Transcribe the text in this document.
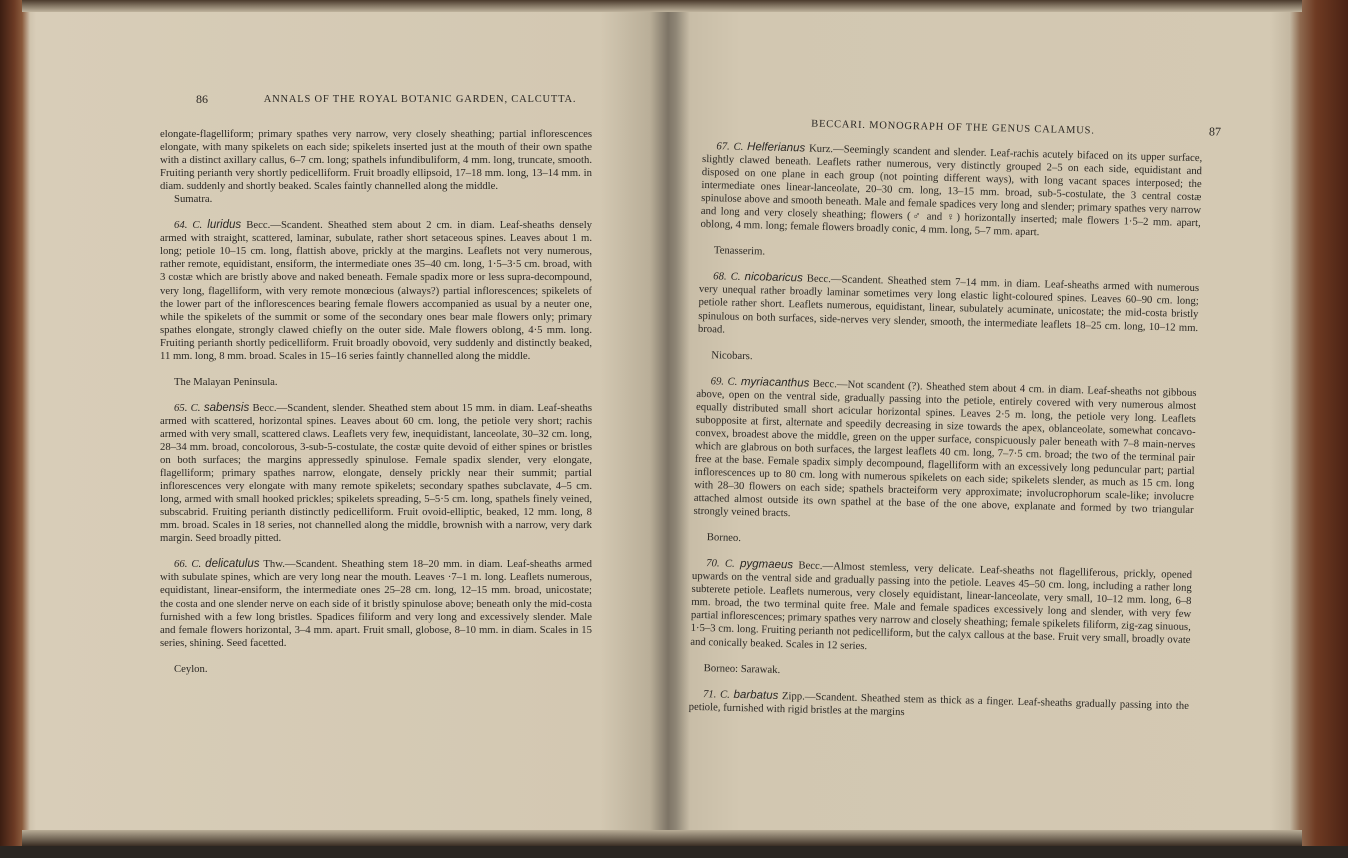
86	ANNALS OF THE ROYAL BOTANIC GARDEN, CALCUTTA.

elongate-flagelliform; primary spathes very narrow, very closely sheathing; partial inflorescences elongate, with many spikelets on each side; spikelets inserted just at the mouth of their own spathe with a distinct axillary callus, 6–7 cm. long; spathels infundibuliform, 4 mm. long, truncate, smooth. Fruiting perianth very shortly pedicelliform. Fruit broadly ellipsoid, 17–18 mm. long, 13–14 mm. in diam. suddenly and shortly beaked. Scales faintly channelled along the middle.

Sumatra.

64. C. luridus Becc.—Scandent. Sheathed stem about 2 cm. in diam. Leaf-sheaths densely armed with straight, scattered, laminar, subulate, rather short setaceous spines. Leaves about 1 m. long; petiole 10–15 cm. long, flattish above, prickly at the margins. Leaflets not very numerous, rather remote, equidistant, ensiform, the intermediate ones 35–40 cm. long, 1·5–3·5 cm. broad, with 3 costæ which are bristly above and naked beneath. Female spadix more or less supra-decompound, very long, flagelliform, with very remote monœcious (always?) partial inflorescences; spikelets of the lower part of the inflorescences bearing female flowers accompanied as usual by a neuter one, while the spikelets of the summit or some of the secondary ones bear male flowers only; primary spathes elongate, strongly clawed chiefly on the outer side. Male flowers oblong, 4·5 mm. long. Fruiting perianth shortly pedicelliform. Fruit broadly obovoid, very suddenly and distinctly beaked, 11 mm. long, 8 mm. broad. Scales in 15–16 series faintly channelled along the middle.

The Malayan Peninsula.

65. C. sabensis Becc.—Scandent, slender. Sheathed stem about 15 mm. in diam. Leaf-sheaths armed with scattered, horizontal spines. Leaves about 60 cm. long, the petiole very short; rachis armed with very small, scattered claws. Leaflets very few, inequidistant, lanceolate, 30–32 cm. long, 28–34 mm. broad, concolorous, 3-sub-5-costulate, the costæ quite devoid of either spines or bristles on both surfaces; the margins appressedly spinulose. Female spadix slender, very elongate, flagelliform; primary spathes narrow, elongate, densely prickly near their summit; partial inflorescences very elongate with many remote spikelets; secondary spathes subclavate, 4–5 cm. long, armed with small hooked prickles; spikelets spreading, 5–5·5 cm. long, spathels finely veined, subscabrid. Fruiting perianth distinctly pedicelliform. Fruit ovoid-elliptic, beaked, 12 mm. long, 8 mm. broad. Scales in 18 series, not channelled along the middle, brownish with a narrow, very dark margin. Seed broadly pitted.

66. C. delicatulus Thw.—Scandent. Sheathing stem 18–20 mm. in diam. Leaf-sheaths armed with subulate spines, which are very long near the mouth. Leaves ·7–1 m. long. Leaflets numerous, equidistant, linear-ensiform, the intermediate ones 25–28 cm. long, 12–15 mm. broad, unicostate; the costa and one slender nerve on each side of it bristly spinulose above; beneath only the mid-costa furnished with a few long bristles. Spadices filiform and very long and excessively slender. Male and female flowers horizontal, 3–4 mm. apart. Fruit small, globose, 8–10 mm. in diam. Scales in 15 series, shining. Seed facetted.

Ceylon.

BECCARI. MONOGRAPH OF THE GENUS CALAMUS.	87

67. C. Helferianus Kurz.—Seemingly scandent and slender. Leaf-rachis acutely bifaced on its upper surface, slightly clawed beneath. Leaflets rather numerous, very distinctly grouped 2–5 on each side, equidistant and disposed on one plane in each group (not pointing different ways), with long vacant spaces interposed; the intermediate ones linear-lanceolate, 20–30 cm. long, 13–15 mm. broad, sub-5-costulate, the 3 central costæ spinulose above and smooth beneath. Male and female spadices very long and slender; primary spathes very narrow and long and very closely sheathing; flowers (♂ and ♀) horizontally inserted; male flowers 1·5–2 mm. apart, oblong, 4 mm. long; female flowers broadly conic, 4 mm. long, 5–7 mm. apart.

Tenasserim.

68. C. nicobaricus Becc.—Scandent. Sheathed stem 7–14 mm. in diam. Leaf-sheaths armed with numerous very unequal rather broadly laminar sometimes very long elastic light-coloured spines. Leaves 60–90 cm. long; petiole rather short. Leaflets numerous, equidistant, linear, subulately acuminate, unicostate; the mid-costa bristly spinulous on both surfaces, side-nerves very slender, smooth, the intermediate leaflets 18–25 cm. long, 10–12 mm. broad.

Nicobars.

69. C. myriacanthus Becc.—Not scandent (?). Sheathed stem about 4 cm. in diam. Leaf-sheaths not gibbous above, open on the ventral side, gradually passing into the petiole, entirely covered with very numerous almost equally distributed small short acicular horizontal spines. Leaves 2·5 m. long, the petiole very long. Leaflets subopposite at first, alternate and speedily decreasing in size towards the apex, oblanceolate, somewhat concavo-convex, broadest above the middle, green on the upper surface, conspicuously paler beneath with 7–8 main-nerves which are glabrous on both surfaces, the largest leaflets 40 cm. long, 7–7·5 cm. broad; the two of the terminal pair free at the base. Female spadix simply decompound, flagelliform with an excessively long peduncular part; partial inflorescences up to 80 cm. long with numerous spikelets on each side; spikelets slender, as much as 15 cm. long with 28–30 flowers on each side; spathels bracteiform very approximate; involucrophorum scale-like; involucre attached almost outside its own spathel at the base of the one above, explanate and formed by two triangular strongly veined bracts.

Borneo.

70. C. pygmaeus Becc.—Almost stemless, very delicate. Leaf-sheaths not flagelliferous, prickly, opened upwards on the ventral side and gradually passing into the petiole. Leaves 45–50 cm. long, including a rather long subterete petiole. Leaflets numerous, very closely equidistant, linear-lanceolate, very small, 10–12 mm. long, 6–8 mm. broad, the two terminal quite free. Male and female spadices excessively long and slender, with very few partial inflorescences; primary spathes very narrow and closely sheathing; female spikelets filiform, zig-zag sinuous, 1·5–3 cm. long. Fruiting perianth not pedicelliform, but the calyx callous at the base. Fruit very small, broadly ovate and conically beaked. Scales in 12 series.

Borneo: Sarawak.

71. C. barbatus Zipp.—Scandent. Sheathed stem as thick as a finger. Leaf-sheaths gradually passing into the petiole, furnished with rigid bristles at the margins
